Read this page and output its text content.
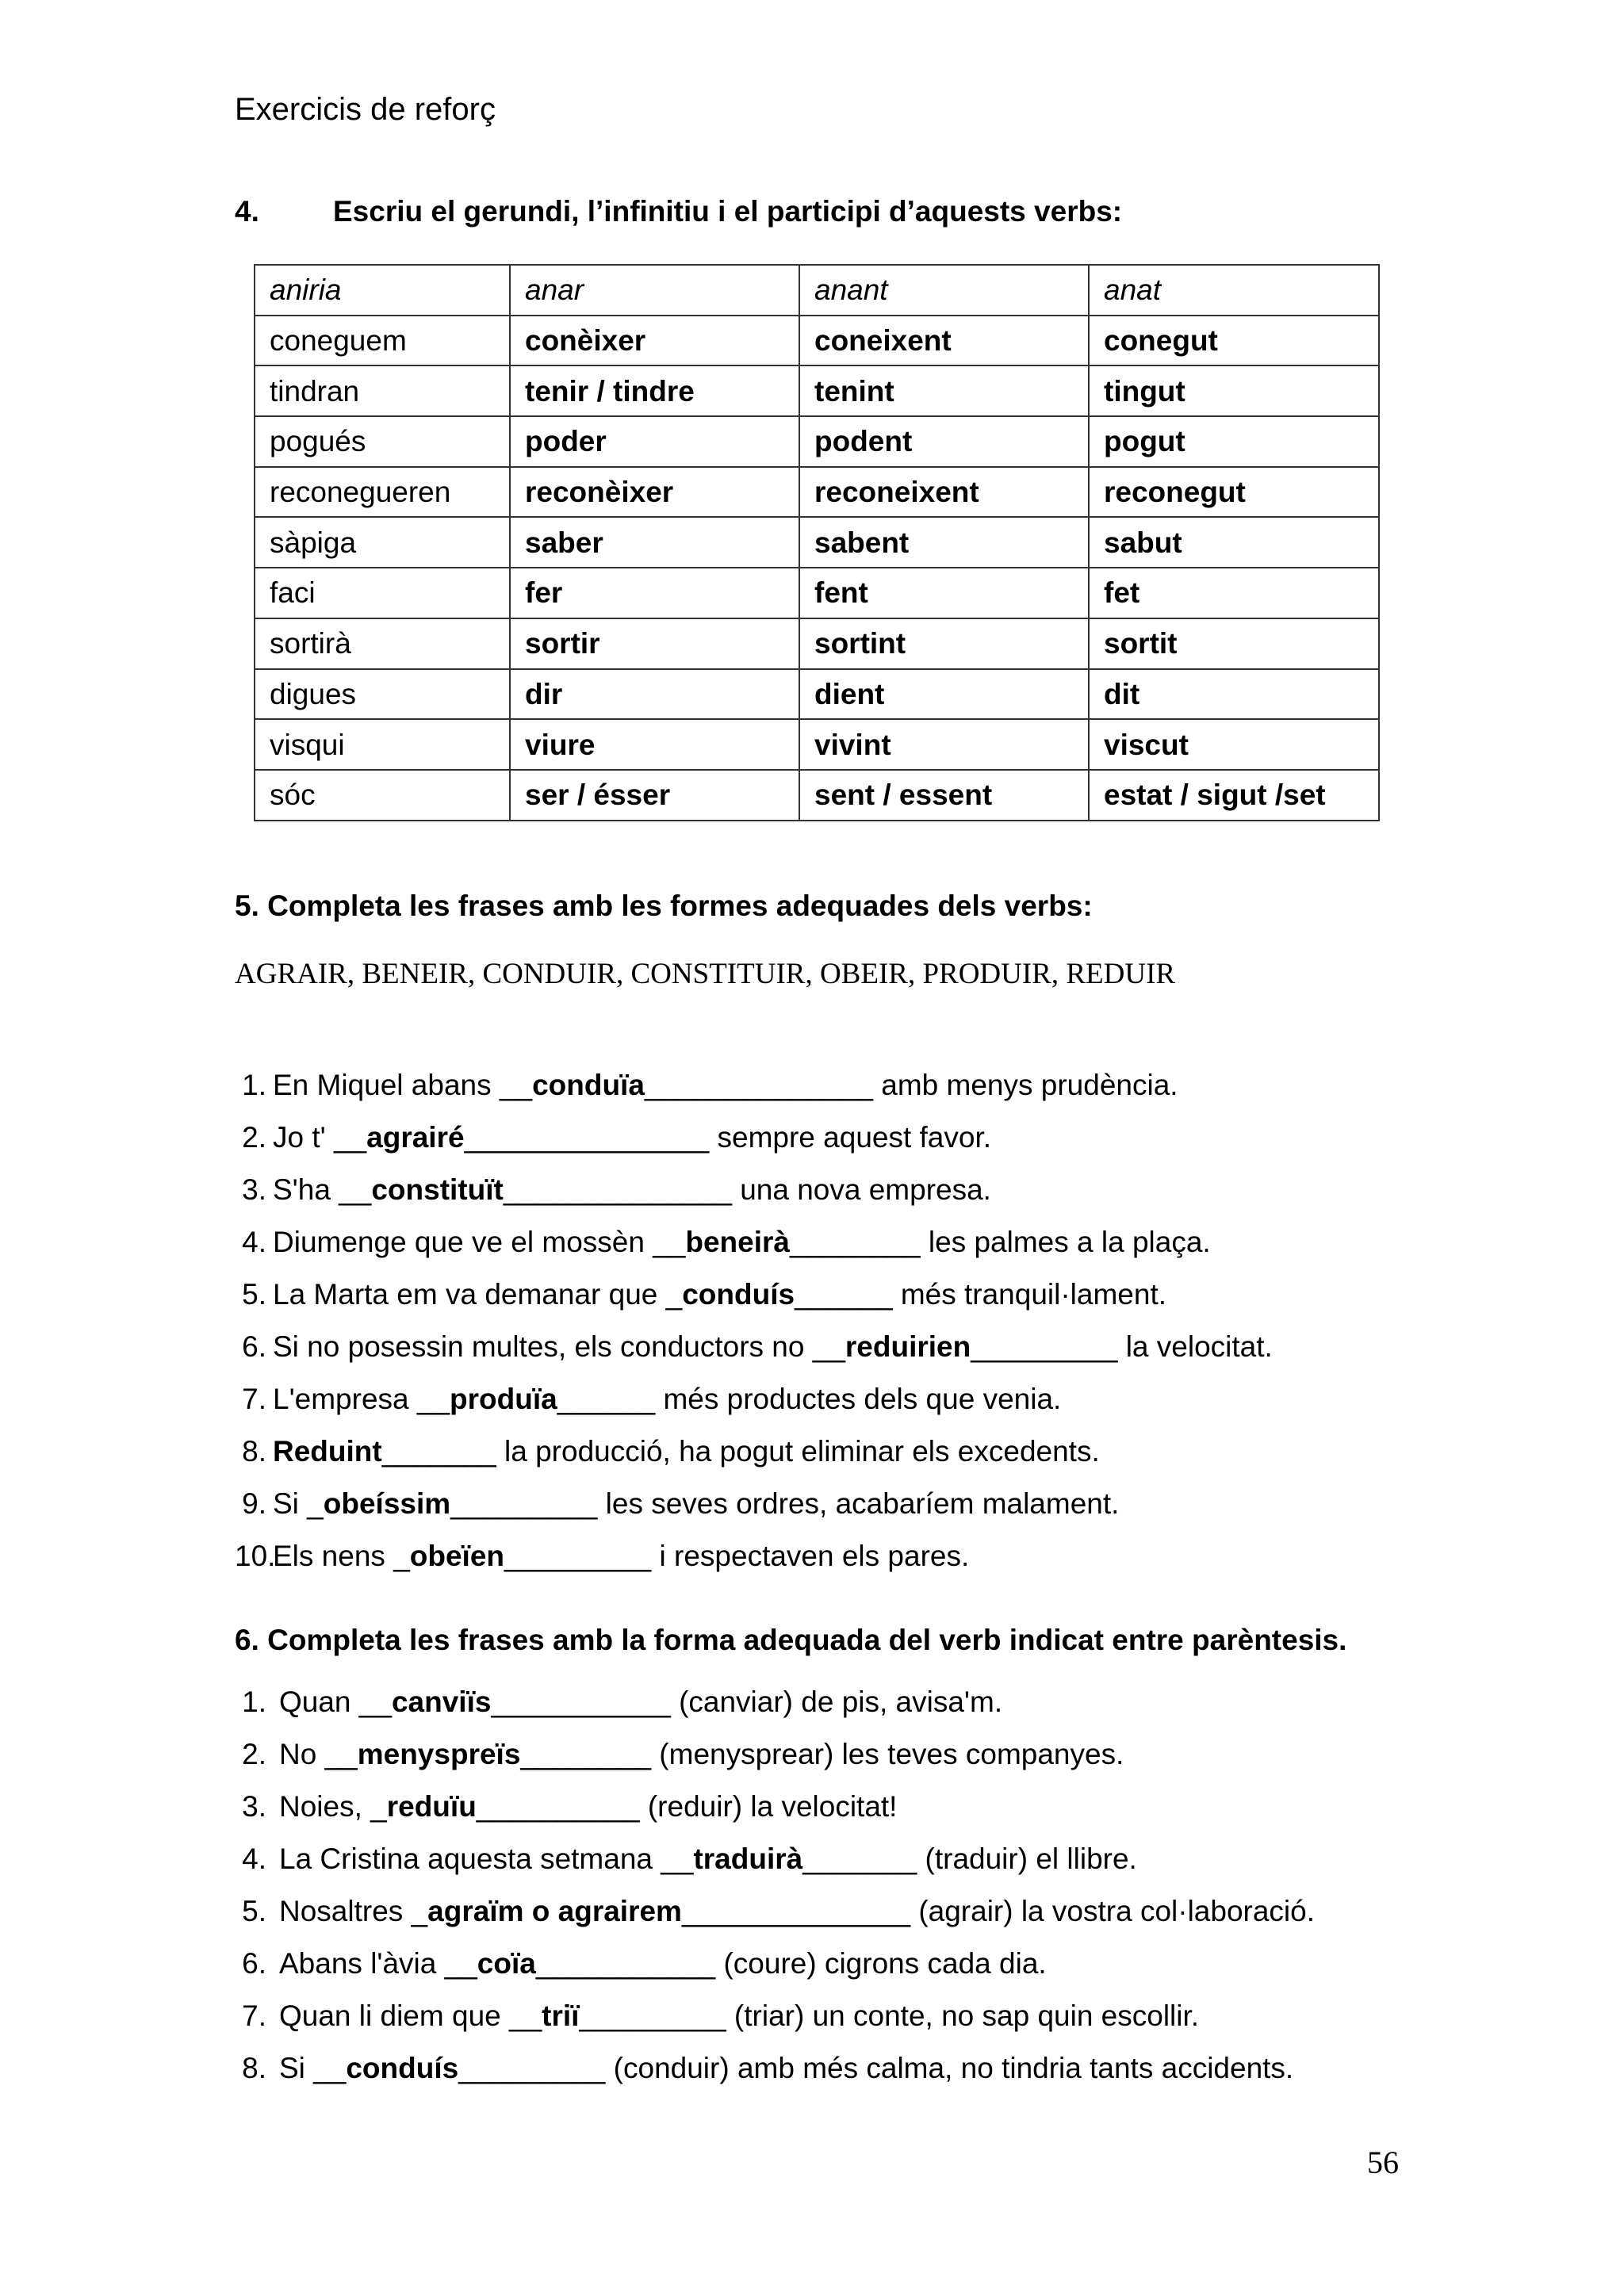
Exercicis de reforç
4.	Escriu el gerundi, l’infinitiu i el participi d’aquests verbs:
aniria	anar	anant	anat
coneguem	conèixer	coneixent	conegut
tindran	tenir / tindre	tenint	tingut
pogués	poder	podent	pogut
reconegueren	reconèixer	reconeixent	reconegut
sàpiga	saber	sabent	sabut
faci	fer	fent	fet
sortirà	sortir	sortint	sortit
digues	dir	dient	dit
visqui	viure	vivint	viscut
sóc	ser / ésser	sent / essent	estat / sigut /set
5. Completa les frases amb les formes adequades dels verbs:
AGRAIR, BENEIR, CONDUIR, CONSTITUIR, OBEIR, PRODUIR, REDUIR
1. En Miquel abans __conduïa______________ amb menys prudència.
2. Jo t' __agrairé_______________ sempre aquest favor.
3. S'ha __constituït______________ una nova empresa.
4. Diumenge que ve el mossèn __beneirà________ les palmes a la plaça.
5. La Marta em va demanar que _conduís______ més tranquil·lament.
6. Si no posessin multes, els conductors no __reduirien_________ la velocitat.
7. L'empresa __produïa______ més productes dels que venia.
8. Reduint_______ la producció, ha pogut eliminar els excedents.
9. Si _obeíssim_________ les seves ordres, acabaríem malament.
10.Els nens _obeïen_________ i respectaven els pares.
6. Completa les frases amb la forma adequada del verb indicat entre parèntesis.
1. Quan __canviïs___________ (canviar) de pis, avisa'm.
2. No __menyspreïs________ (menysprear) les teves companyes.
3. Noies, _reduïu__________ (reduir) la velocitat!
4. La Cristina aquesta setmana __traduirà_______ (traduir) el llibre.
5. Nosaltres _agraïm o agrairem______________ (agrair) la vostra col·laboració.
6. Abans l'àvia __coïa___________ (coure) cigrons cada dia.
7. Quan li diem que __triï_________ (triar) un conte, no sap quin escollir.
8. Si __conduís_________ (conduir) amb més calma, no tindria tants accidents.
56
